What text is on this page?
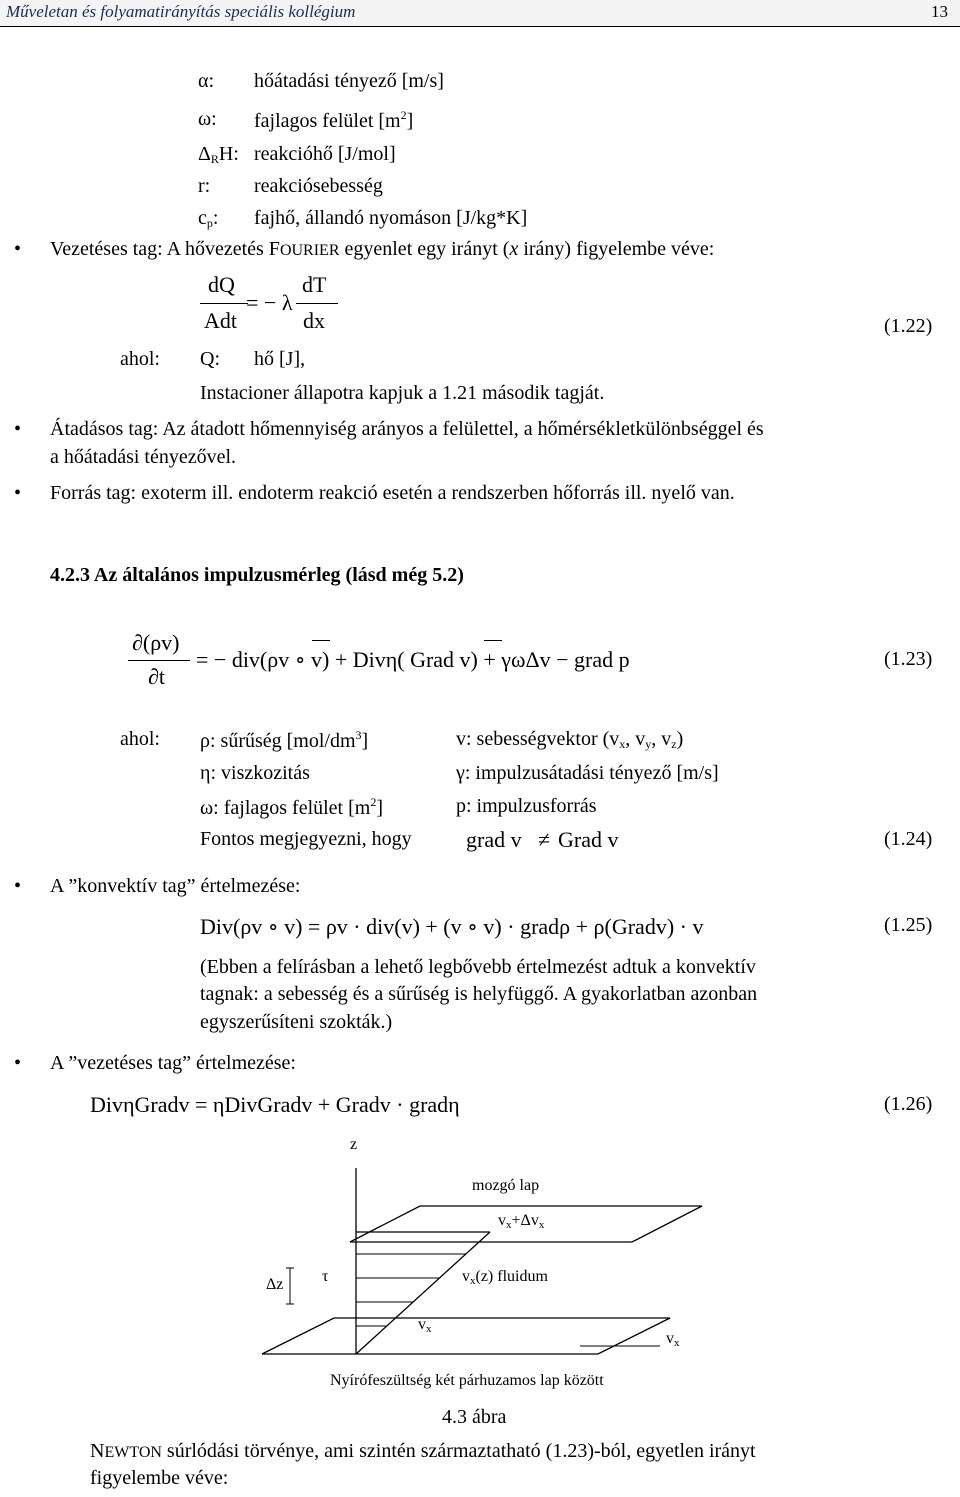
Műveletan és folyamatirányítás speciális kollégium	13
α: hőátadási tényező [m/s]
ω: fajlagos felület $[m^2]$
$\Delta_RH$: reakcióhő [J/mol]
r: reakciósebesség
$c_p$: fajhő, állandó nyomáson [J/kg*K]
• Vezetéses tag: A hővezetés FOURIER egyenlet egy irányt (x irány) figyelembe véve:
dQ
Adt
= − λ
dT
dx	(1.22)
ahol: Q: hő [J],
Instacioner állapotra kapjuk a 1.21 második tagját.
• Átadásos tag: Az átadott hőmennyiség arányos a felülettel, a hőmérsékletkülönbséggel és
a hőátadási tényezővel.
• Forrás tag: exoterm ill. endoterm reakció esetén a rendszerben hőforrás ill. nyelő van.
4.2.3 Az általános impulzusmérleg (lásd még 5.2)
∂(ρv)
∂t
= − div(ρv ∘ v) + Divη( Grad v) + γωΔv − grad p	(1.23)
ahol: ρ: sűrűség $[mol/dm^3]$	v: sebességvektor ($v_x$, $v_y$, $v_z$)
η: viszkozitás	γ: impulzusátadási tényező [m/s]
ω: fajlagos felület $[m^2]$	p: impulzusforrás
Fontos megjegyezni, hogy grad v ≠ Grad v	(1.24)
• A ”konvektív tag” értelmezése:
Div(ρv ∘ v) = ρv · div(v) + (v ∘ v) · gradρ + ρ(Gradv) · v	(1.25)
(Ebben a felírásban a lehető legbővebb értelmezést adtuk a konvektív
tagnak: a sebesség és a sűrűség is helyfüggő. A gyakorlatban azonban
egyszerűsíteni szokták.)
• A ”vezetéses tag” értelmezése:
DivηGradv = ηDivGradv + Gradv · gradη	(1.26)
z
mozgó lap
$v_x+\Delta v_x$
Δz τ	$v_x(z)$ fluidum
$v_x$
$v_x$
Nyírófeszültség két párhuzamos lap között
4.3 ábra
NEWTON súrlódási törvénye, ami szintén származtatható (1.23)-ból, egyetlen irányt
figyelembe véve:
